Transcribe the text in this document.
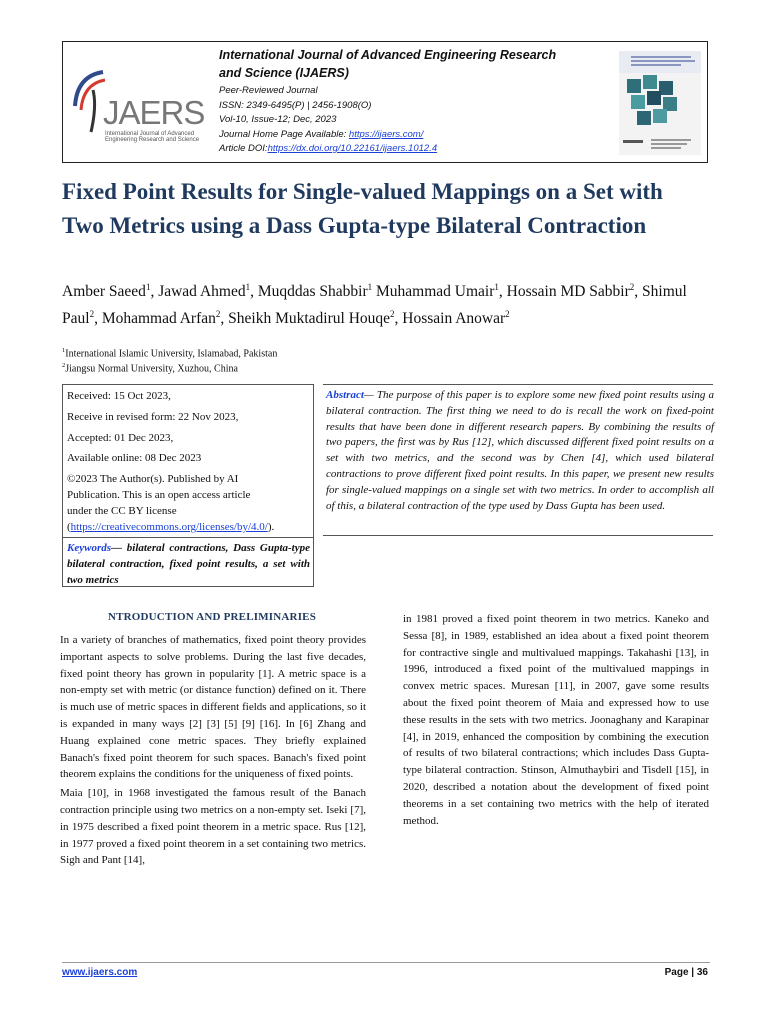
JAERS
International Journal of Advanced Engineering Research and Science
International Journal of Advanced Engineering Research
and Science (IJAERS)
Peer-Reviewed Journal
ISSN: 2349-6495(P) | 2456-1908(O)
Vol-10, Issue-12; Dec, 2023
Journal Home Page Available: https://ijaers.com/
Article DOI:https://dx.doi.org/10.22161/ijaers.1012.4
Fixed Point Results for Single-valued Mappings on a Set with Two Metrics using a Dass Gupta-type Bilateral Contraction

Amber Saeed$^1$, Jawad Ahmed$^1$, Muqddas Shabbir$^1$ Muhammad Umair$^1$, Hossain MD Sabbir$^2$, Shimul Paul$^2$, Mohammad Arfan$^2$, Sheikh Muktadirul Houqe$^2$, Hossain Anowar$^2$

$^1$International Islamic University, Islamabad, Pakistan
$^2$Jiangsu Normal University, Xuzhou, China
Received: 15 Oct 2023,
Receive in revised form: 22 Nov 2023,
Accepted: 01 Dec 2023,
Available online: 08 Dec 2023
©2023 The Author(s). Published by AI
Publication. This is an open access article
under the CC BY license
(https://creativecommons.org/licenses/by/4.0/).
Keywords— bilateral contractions, Dass Gupta-type bilateral contraction, fixed point results, a set with two metrics

Abstract— The purpose of this paper is to explore some new fixed point results using a bilateral contraction. The first thing we need to do is recall the work on fixed-point results that have been done in different research papers. By combining the results of two papers, the first was by Rus [12], which discussed different fixed point results on a set with two metrics, and the second was by Chen [4], which used bilateral contractions to prove different fixed point results. In this paper, we present new results for single-valued mappings on a single set with two metrics. In order to accomplish all of this, a bilateral contraction of the type used by Dass Gupta has been used.

NTRODUCTION AND PRELIMINARIES

In a variety of branches of mathematics, fixed point theory provides important aspects to solve problems. During the last five decades, fixed point theory has grown in popularity [1]. A metric space is a non-empty set with metric (or distance function) defined on it. There is much use of metric spaces in different fields and applications, so it is expanded in many ways [2] [3] [5] [9] [16]. In [6] Zhang and Huang explained cone metric spaces. They briefly explained Banach's fixed point theorem for such spaces. Banach's fixed point theorem explains the conditions for the uniqueness of fixed points.

Maia [10], in 1968 investigated the famous result of the Banach contraction principle using two metrics on a non-empty set. Iseki [7], in 1975 described a fixed point theorem in a metric space. Rus [12], in 1977 proved a fixed point theorem in a set containing two metrics. Sigh and Pant [14],

in 1981 proved a fixed point theorem in two metrics. Kaneko and Sessa [8], in 1989, established an idea about a fixed point theorem for contractive single and multivalued mappings. Takahashi [13], in 1996, introduced a fixed point of the multivalued mappings in convex metric spaces. Muresan [11], in 2007, gave some results about the fixed point theorem of Maia and expressed how to use these results in the sets with two metrics. Joonaghany and Karapinar [4], in 2019, enhanced the composition by combining the execution of results of two bilateral contractions; which includes Dass Gupta-type bilateral contraction. Stinson, Almuthaybiri and Tisdell [15], in 2020, described a notation about the development of fixed point theorems in a set containing two metrics with the help of iterated method.

www.ijaers.com	Page | 36
